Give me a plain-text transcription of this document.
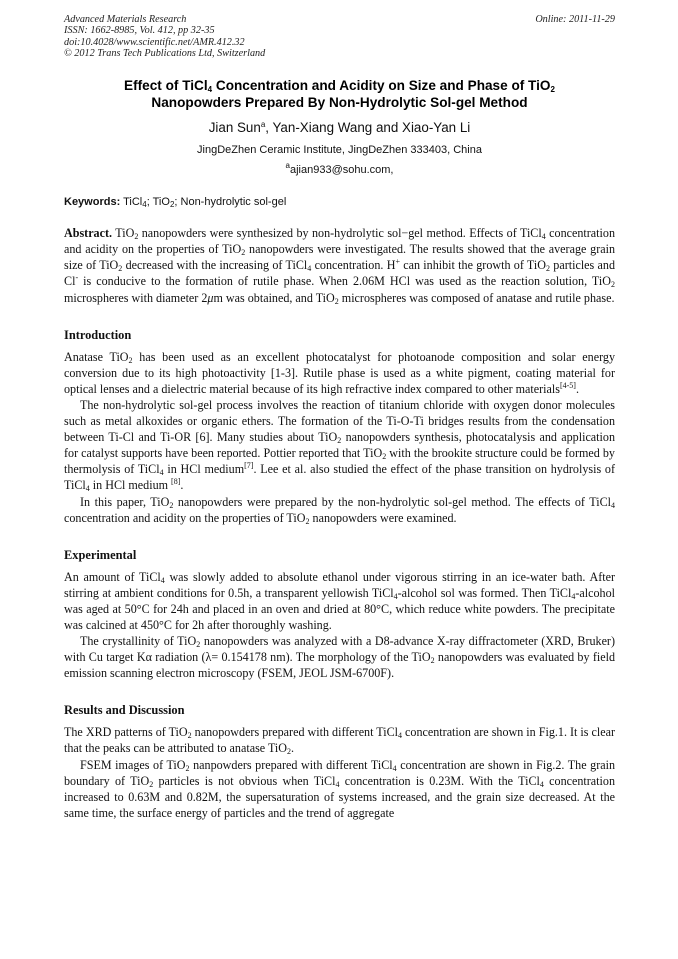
Advanced Materials Research
ISSN: 1662-8985, Vol. 412, pp 32-35
doi:10.4028/www.scientific.net/AMR.412.32
© 2012 Trans Tech Publications Ltd, Switzerland
Online: 2011-11-29
Effect of TiCl$_4$ Concentration and Acidity on Size and Phase of TiO$_2$
Nanopowders Prepared By Non-Hydrolytic Sol-gel Method
Jian Sun$^a$, Yan-Xiang Wang and Xiao-Yan Li
JingDeZhen Ceramic Institute, JingDeZhen 333403, China
$^a$ajian933@sohu.com,
Keywords: TiCl$_4$; TiO$_2$; Non-hydrolytic sol-gel
Abstract. TiO$_2$ nanopowders were synthesized by non-hydrolytic sol−gel method. Effects of TiCl$_4$ concentration and acidity on the properties of TiO$_2$ nanopowders were investigated. The results showed that the average grain size of TiO$_2$ decreased with the increasing of TiCl$_4$ concentration. H+ can inhibit the growth of TiO$_2$ particles and Cl- is conducive to the formation of rutile phase. When 2.06M HCl was used as the reaction solution, TiO$_2$ microspheres with diameter 2μm was obtained, and TiO$_2$ microspheres was composed of anatase and rutile phase.
Introduction

Anatase TiO$_2$ has been used as an excellent photocatalyst for photoanode composition and solar energy conversion due to its high photoactivity [1-3]. Rutile phase is used as a white pigment, coating material for optical lenses and a dielectric material because of its high refractive index compared to other materials[4-5].

The non-hydrolytic sol-gel process involves the reaction of titanium chloride with oxygen donor molecules such as metal alkoxides or organic ethers. The formation of the Ti-O-Ti bridges results from the condensation between Ti-Cl and Ti-OR [6]. Many studies about TiO$_2$ nanopowders synthesis, photocatalysis and application for catalyst supports have been reported. Pottier reported that TiO$_2$ with the brookite structure could be formed by thermolysis of TiCl$_4$ in HCl medium[7]. Lee et al. also studied the effect of the phase transition on hydrolysis of TiCl$_4$ in HCl medium [8].

In this paper, TiO$_2$ nanopowders were prepared by the non-hydrolytic sol-gel method. The effects of TiCl$_4$ concentration and acidity on the properties of TiO$_2$ nanopowders were examined.

Experimental

An amount of TiCl$_4$ was slowly added to absolute ethanol under vigorous stirring in an ice-water bath. After stirring at ambient conditions for 0.5h, a transparent yellowish TiCl$_4$-alcohol sol was formed. Then TiCl$_4$-alcohol was aged at 50°C for 24h and placed in an oven and dried at 80°C, which reduce white powders. The precipitate was calcined at 450°C for 2h after thoroughly washing.

The crystallinity of TiO$_2$ nanopowders was analyzed with a D8-advance X-ray diffractometer (XRD, Bruker) with Cu target Kα radiation (λ= 0.154178 nm). The morphology of the TiO$_2$ nanopowders was evaluated by field emission scanning electron microscopy (FSEM, JEOL JSM-6700F).

Results and Discussion

The XRD patterns of TiO$_2$ nanopowders prepared with different TiCl$_4$ concentration are shown in Fig.1. It is clear that the peaks can be attributed to anatase TiO$_2$.

FSEM images of TiO$_2$ nanpowders prepared with different TiCl$_4$ concentration are shown in Fig.2. The grain boundary of TiO$_2$ particles is not obvious when TiCl$_4$ concentration is 0.23M. With the TiCl$_4$ concentration increased to 0.63M and 0.82M, the supersaturation of systems increased, and the grain size decreased. At the same time, the surface energy of particles and the trend of aggregate
